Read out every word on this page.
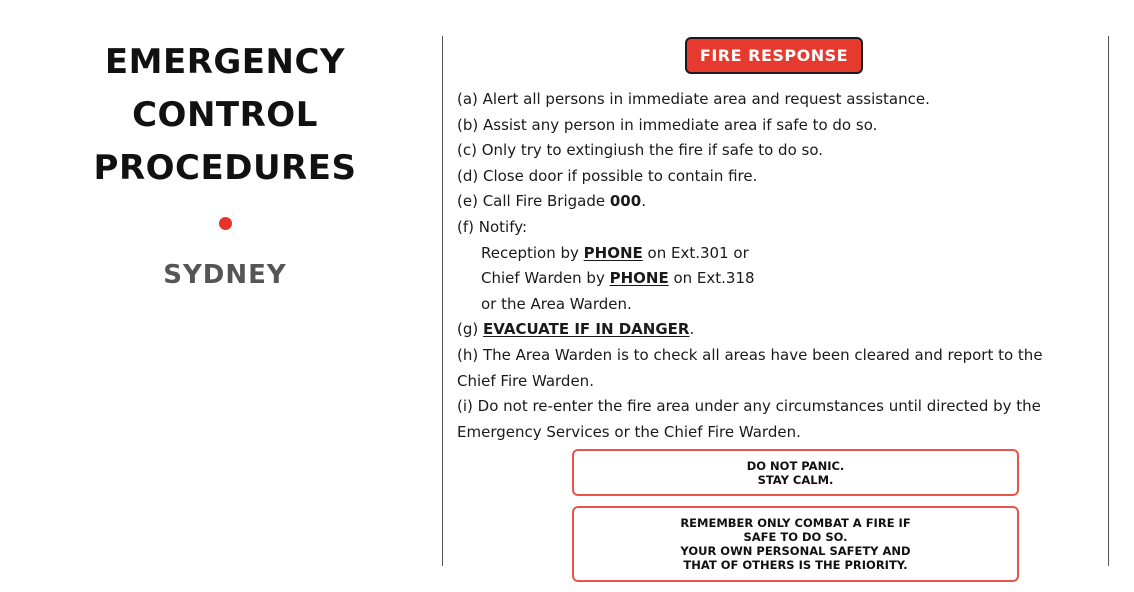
EMERGENCY
CONTROL
PROCEDURES
SYDNEY
FIRE RESPONSE
(a) Alert all persons in immediate area and request assistance.
(b) Assist any person in immediate area if safe to do so.
(c) Only try to extingiush the fire if safe to do so.
(d) Close door if possible to contain fire.
(e) Call Fire Brigade 000.
(f) Notify:
Reception by PHONE on Ext.301 or
Chief Warden by PHONE on Ext.318
or the Area Warden.
(g) EVACUATE IF IN DANGER.
(h) The Area Warden is to check all areas have been cleared and report to the Chief Fire Warden.
(i) Do not re-enter the fire area under any circumstances until directed by the Emergency Services or the Chief Fire Warden.
DO NOT PANIC.
STAY CALM.
REMEMBER ONLY COMBAT A FIRE IF
SAFE TO DO SO.
YOUR OWN PERSONAL SAFETY AND
THAT OF OTHERS IS THE PRIORITY.
